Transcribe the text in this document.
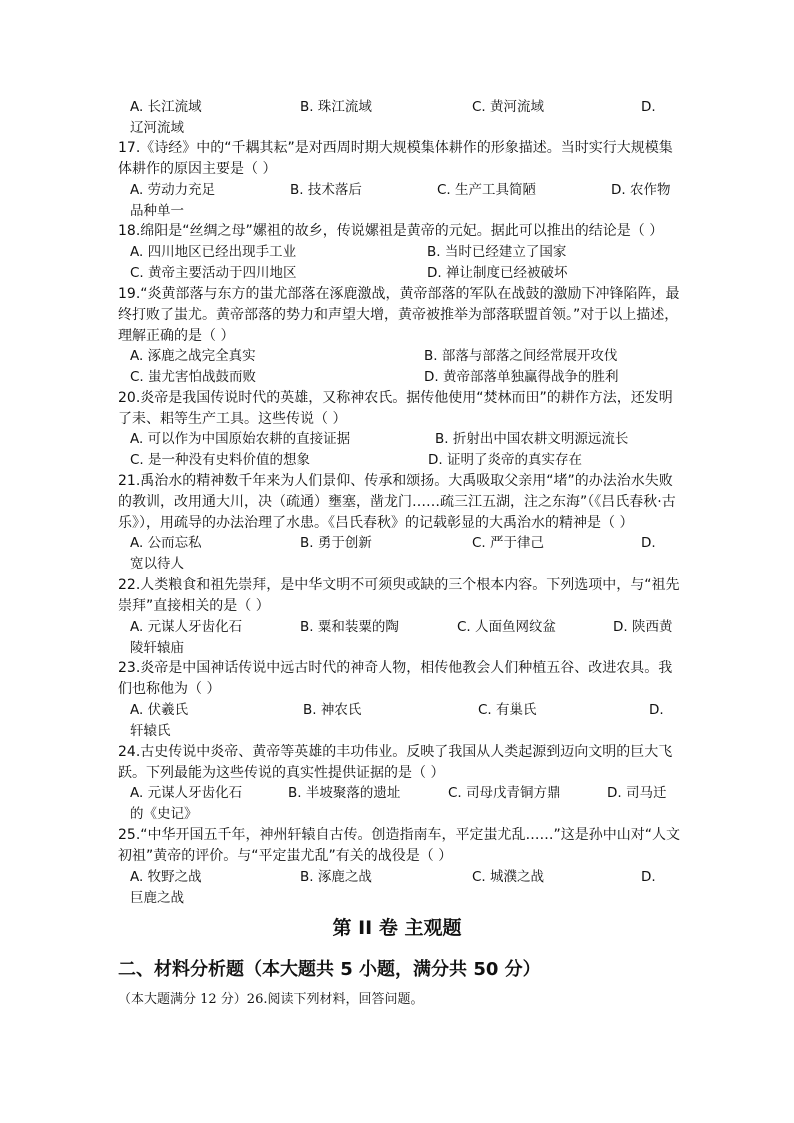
A. 长江流域	B. 珠江流域	C. 黄河流域	D.
辽河流域
17.《诗经》中的“千耦其耘”是对西周时期大规模集体耕作的形象描述。当时实行大规模集
体耕作的原因主要是（ ）
A. 劳动力充足	B. 技术落后	C. 生产工具简陋	D. 农作物
品种单一
18.绵阳是“丝绸之母”嫘祖的故乡，传说嫘祖是黄帝的元妃。据此可以推出的结论是（ ）
A. 四川地区已经出现手工业	B. 当时已经建立了国家
C. 黄帝主要活动于四川地区	D. 禅让制度已经被破坏
19.“炎黄部落与东方的蚩尤部落在涿鹿激战，黄帝部落的军队在战鼓的激励下冲锋陷阵，最
终打败了蚩尤。黄帝部落的势力和声望大增，黄帝被推举为部落联盟首领。”对于以上描述，
理解正确的是（ ）
A. 涿鹿之战完全真实	B. 部落与部落之间经常展开攻伐
C. 蚩尤害怕战鼓而败	D. 黄帝部落单独赢得战争的胜利
20.炎帝是我国传说时代的英雄，又称神农氏。据传他使用“焚林而田”的耕作方法，还发明
了耒、耜等生产工具。这些传说（ ）
A. 可以作为中国原始农耕的直接证据	B. 折射出中国农耕文明源远流长
C. 是一种没有史料价值的想象	D. 证明了炎帝的真实存在
21.禹治水的精神数千年来为人们景仰、传承和颂扬。大禹吸取父亲用“堵”的办法治水失败
的教训，改用通大川，决（疏通）壅塞，凿龙门……疏三江五湖，注之东海”（《吕氏春秋·古
乐》），用疏导的办法治理了水患。《吕氏春秋》的记载彰显的大禹治水的精神是（ ）
A. 公而忘私	B. 勇于创新	C. 严于律己	D.
宽以待人
22.人类粮食和祖先崇拜，是中华文明不可须臾或缺的三个根本内容。下列选项中，与“祖先
崇拜”直接相关的是（ ）
A. 元谋人牙齿化石	B. 粟和装粟的陶	C. 人面鱼网纹盆	D. 陕西黄
陵轩辕庙
23.炎帝是中国神话传说中远古时代的神奇人物，相传他教会人们种植五谷、改进农具。我
们也称他为（ ）
A. 伏羲氏	B. 神农氏	C. 有巢氏	D.
轩辕氏
24.古史传说中炎帝、黄帝等英雄的丰功伟业。反映了我国从人类起源到迈向文明的巨大飞
跃。下列最能为这些传说的真实性提供证据的是（ ）
A. 元谋人牙齿化石	B. 半坡聚落的遗址	C. 司母戊青铜方鼎	D. 司马迁
的《史记》
25.“中华开国五千年，神州轩辕自古传。创造指南车，平定蚩尤乱……”这是孙中山对“人文
初祖”黄帝的评价。与“平定蚩尤乱”有关的战役是（ ）
A. 牧野之战	B. 涿鹿之战	C. 城濮之战	D.
巨鹿之战
第 II 卷 主观题
二、材料分析题（本大题共 5 小题，满分共 50 分）
（本大题满分 12 分）26.阅读下列材料，回答问题。
